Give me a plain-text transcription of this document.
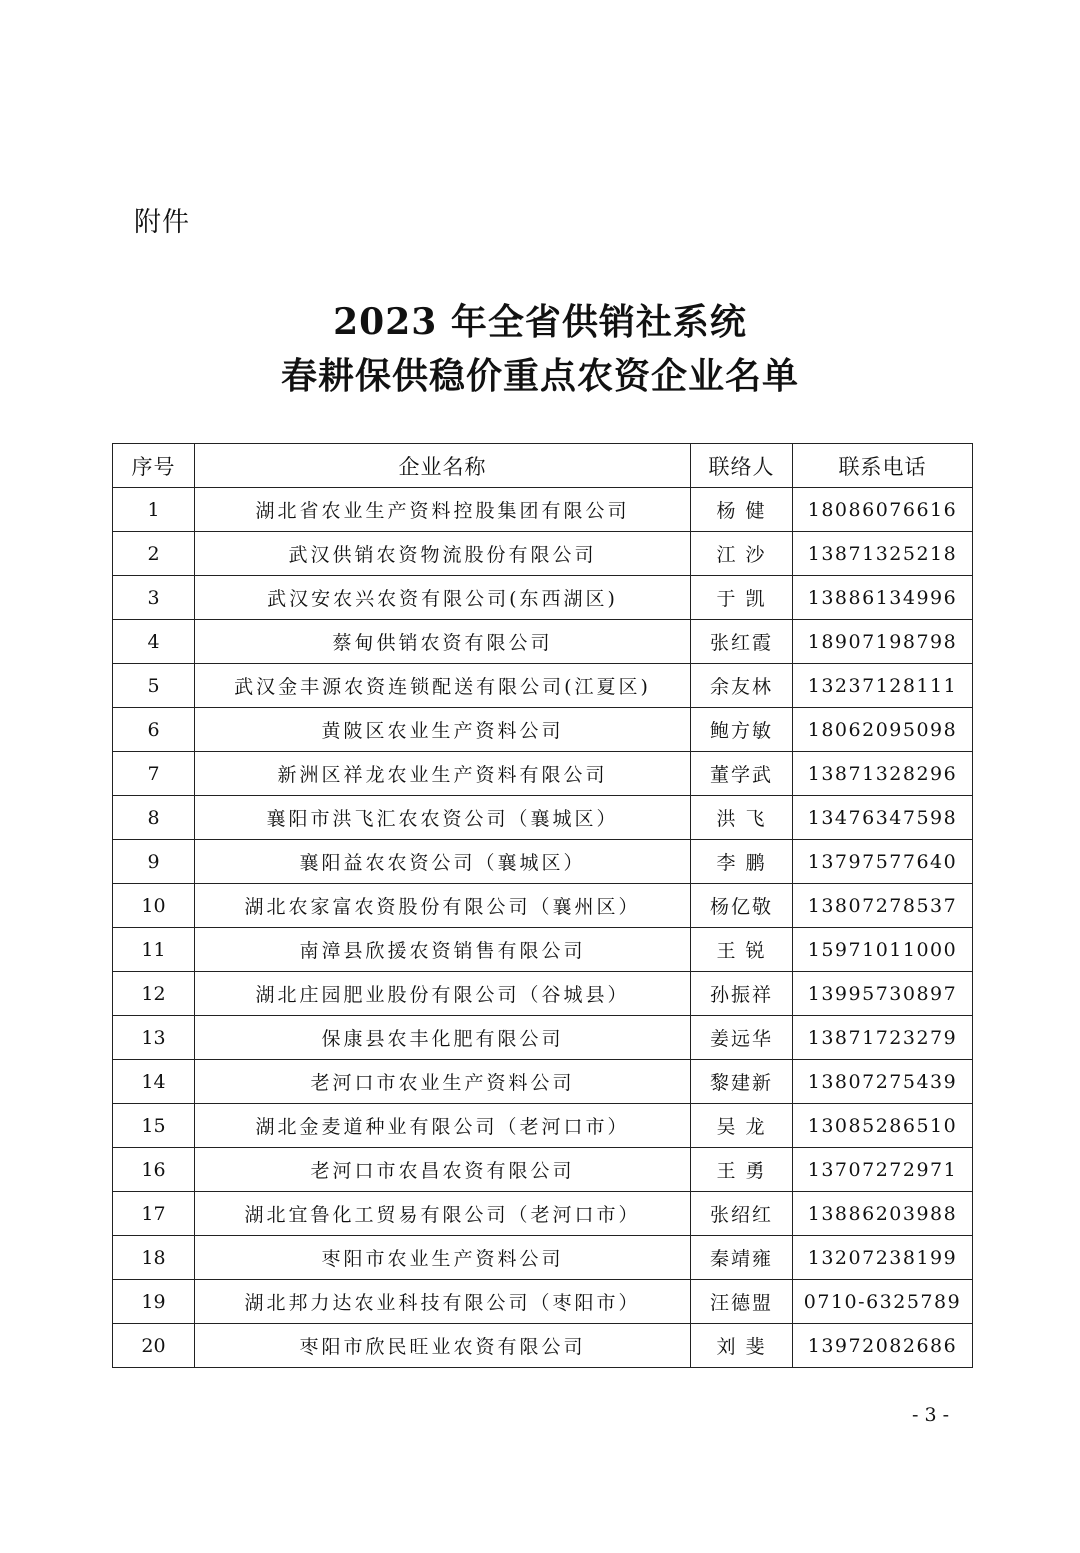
附件
2023 年全省供销社系统
春耕保供稳价重点农资企业名单
序号	企业名称	联络人	联系电话
1	湖北省农业生产资料控股集团有限公司	杨 健	18086076616
2	武汉供销农资物流股份有限公司	江 沙	13871325218
3	武汉安农兴农资有限公司(东西湖区)	于 凯	13886134996
4	蔡甸供销农资有限公司	张红霞	18907198798
5	武汉金丰源农资连锁配送有限公司(江夏区)	余友林	13237128111
6	黄陂区农业生产资料公司	鲍方敏	18062095098
7	新洲区祥龙农业生产资料有限公司	董学武	13871328296
8	襄阳市洪飞汇农农资公司（襄城区）	洪 飞	13476347598
9	襄阳益农农资公司（襄城区）	李 鹏	13797577640
10	湖北农家富农资股份有限公司（襄州区）	杨亿敬	13807278537
11	南漳县欣援农资销售有限公司	王 锐	15971011000
12	湖北庄园肥业股份有限公司（谷城县）	孙振祥	13995730897
13	保康县农丰化肥有限公司	姜远华	13871723279
14	老河口市农业生产资料公司	黎建新	13807275439
15	湖北金麦道种业有限公司（老河口市）	吴 龙	13085286510
16	老河口市农昌农资有限公司	王 勇	13707272971
17	湖北宜鲁化工贸易有限公司（老河口市）	张绍红	13886203988
18	枣阳市农业生产资料公司	秦靖雍	13207238199
19	湖北邦力达农业科技有限公司（枣阳市）	汪德盟	0710-6325789
20	枣阳市欣民旺业农资有限公司	刘 斐	13972082686
- 3 -
